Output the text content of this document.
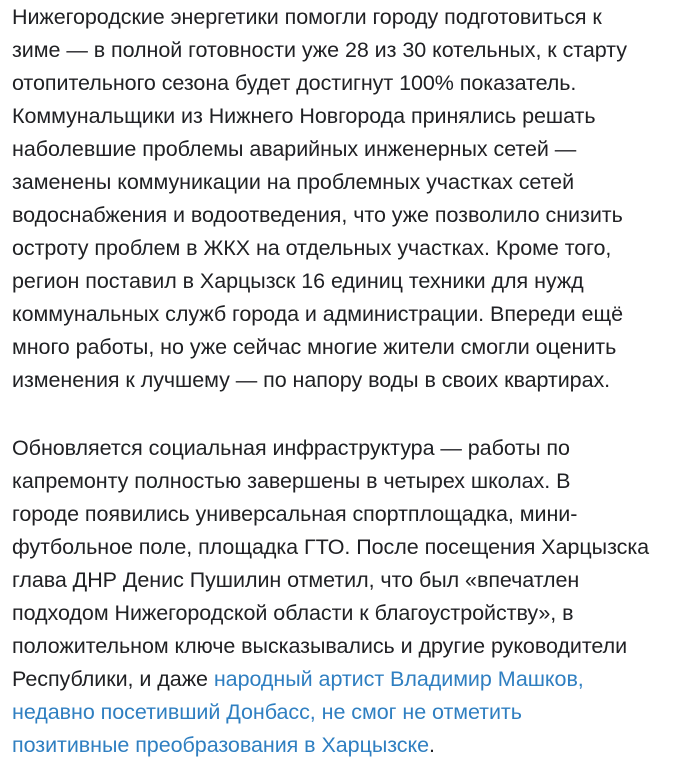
Нижегородские энергетики помогли городу подготовиться к
зиме — в полной готовности уже 28 из 30 котельных, к старту
отопительного сезона будет достигнут 100% показатель.
Коммунальщики из Нижнего Новгорода принялись решать
наболевшие проблемы аварийных инженерных сетей —
заменены коммуникации на проблемных участках сетей
водоснабжения и водоотведения, что уже позволило снизить
остроту проблем в ЖКХ на отдельных участках. Кроме того,
регион поставил в Харцызск 16 единиц техники для нужд
коммунальных служб города и администрации. Впереди ещё
много работы, но уже сейчас многие жители смогли оценить
изменения к лучшему — по напору воды в своих квартирах.
Обновляется социальная инфраструктура — работы по
капремонту полностью завершены в четырех школах. В
городе появились универсальная спортплощадка, мини-
футбольное поле, площадка ГТО. После посещения Харцызска
глава ДНР Денис Пушилин отметил, что был «впечатлен
подходом Нижегородской области к благоустройству», в
положительном ключе высказывались и другие руководители
Республики, и даже народный артист Владимир Машков,
недавно посетивший Донбасс, не смог не отметить
позитивные преобразования в Харцызске.
